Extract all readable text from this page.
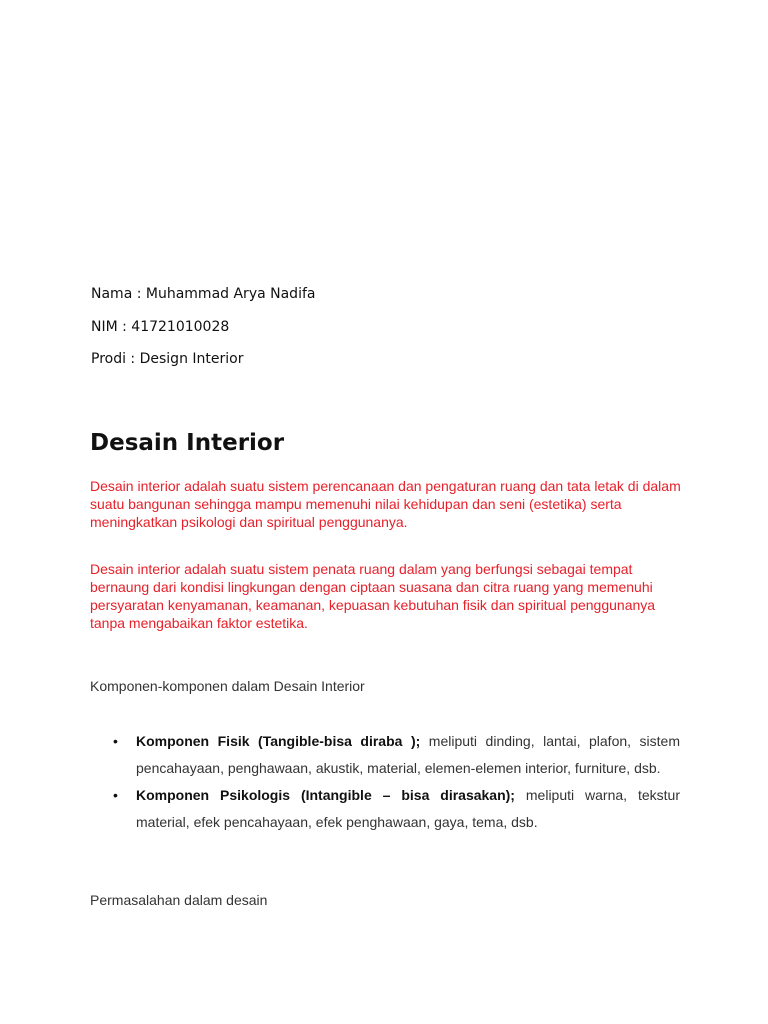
Nama : Muhammad Arya Nadifa
NIM : 41721010028
Prodi : Design Interior
Desain Interior
Desain interior adalah suatu sistem perencanaan dan pengaturan ruang dan tata letak di dalam suatu bangunan sehingga mampu memenuhi nilai kehidupan dan seni (estetika) serta meningkatkan psikologi dan spiritual penggunanya.
Desain interior adalah suatu sistem penata ruang dalam yang berfungsi sebagai tempat bernaung dari kondisi lingkungan dengan ciptaan suasana dan citra ruang yang memenuhi persyaratan kenyamanan, keamanan, kepuasan kebutuhan fisik dan spiritual penggunanya tanpa mengabaikan faktor estetika.
Komponen-komponen dalam Desain Interior
• Komponen Fisik (Tangible-bisa diraba ); meliputi dinding, lantai, plafon, sistem pencahayaan, penghawaan, akustik, material, elemen-elemen interior, furniture, dsb.
• Komponen Psikologis (Intangible – bisa dirasakan); meliputi warna, tekstur material, efek pencahayaan, efek penghawaan, gaya, tema, dsb.
Permasalahan dalam desain
